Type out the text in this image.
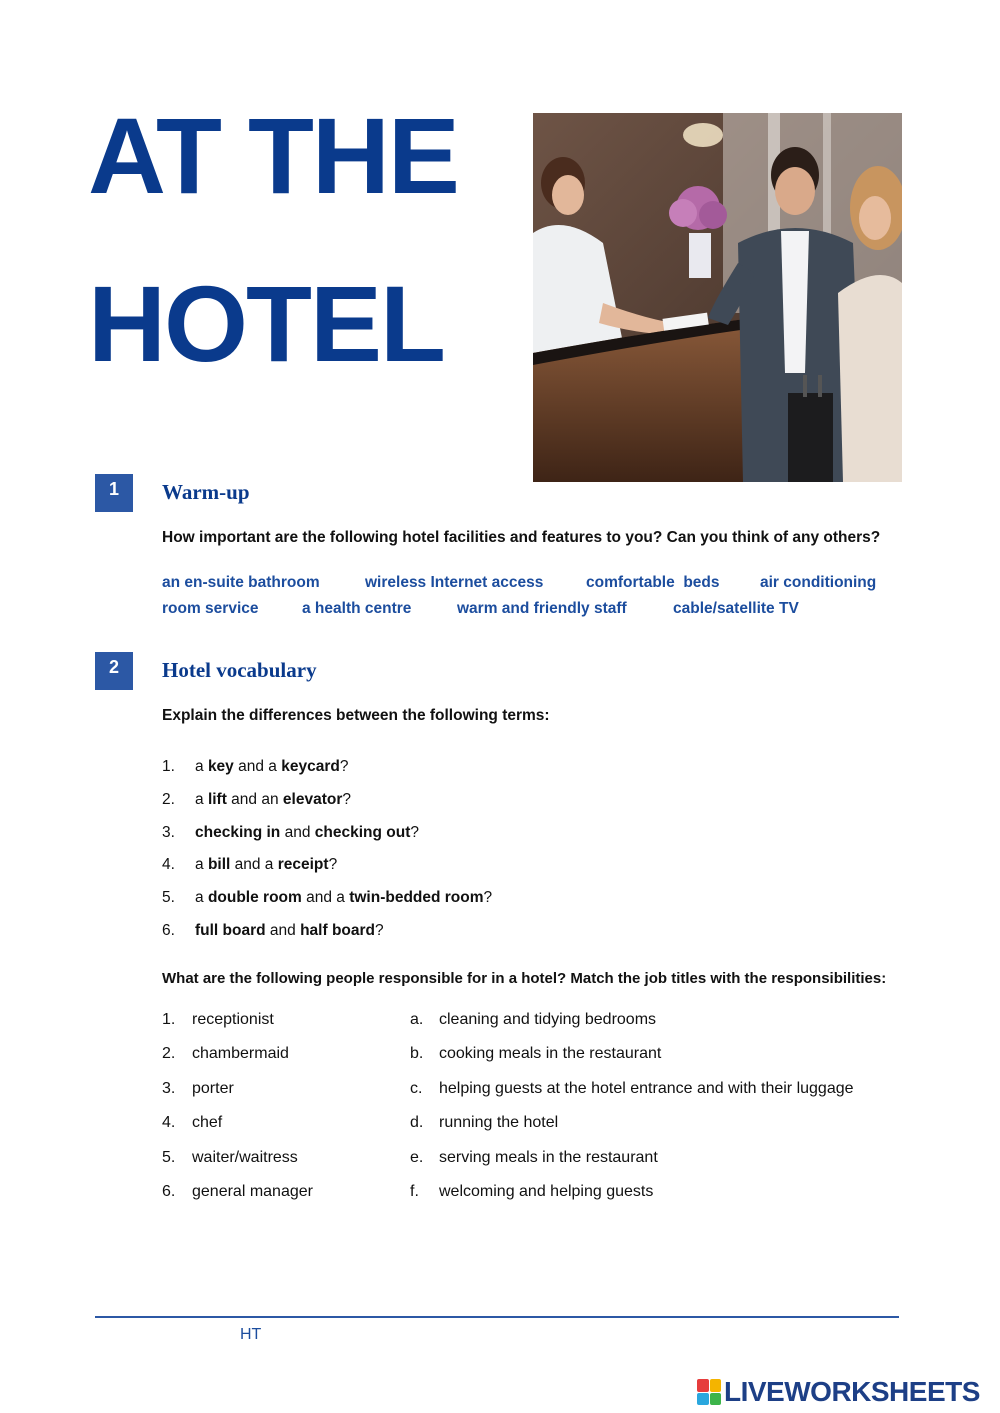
AT THE
HOTEL
1	Warm-up
How important are the following hotel facilities and features to you? Can you think of any others?
an en-suite bathroom	wireless Internet access	comfortable  beds	air conditioning
room service	a health centre	warm and friendly staff	cable/satellite TV
2	Hotel vocabulary
Explain the differences between the following terms:
1.	a key and a keycard?
2.	a lift and an elevator?
3.	checking in and checking out?
4.	a bill and a receipt?
5.	a double room and a twin-bedded room?
6.	full board and half board?
What are the following people responsible for in a hotel? Match the job titles with the responsibilities:
1. receptionist	a. cleaning and tidying bedrooms
2. chambermaid	b. cooking meals in the restaurant
3. porter	c. helping guests at the hotel entrance and with their luggage
4. chef	d. running the hotel
5. waiter/waitress	e. serving meals in the restaurant
6. general manager	f. welcoming and helping guests
HT
LIVEWORKSHEETS
